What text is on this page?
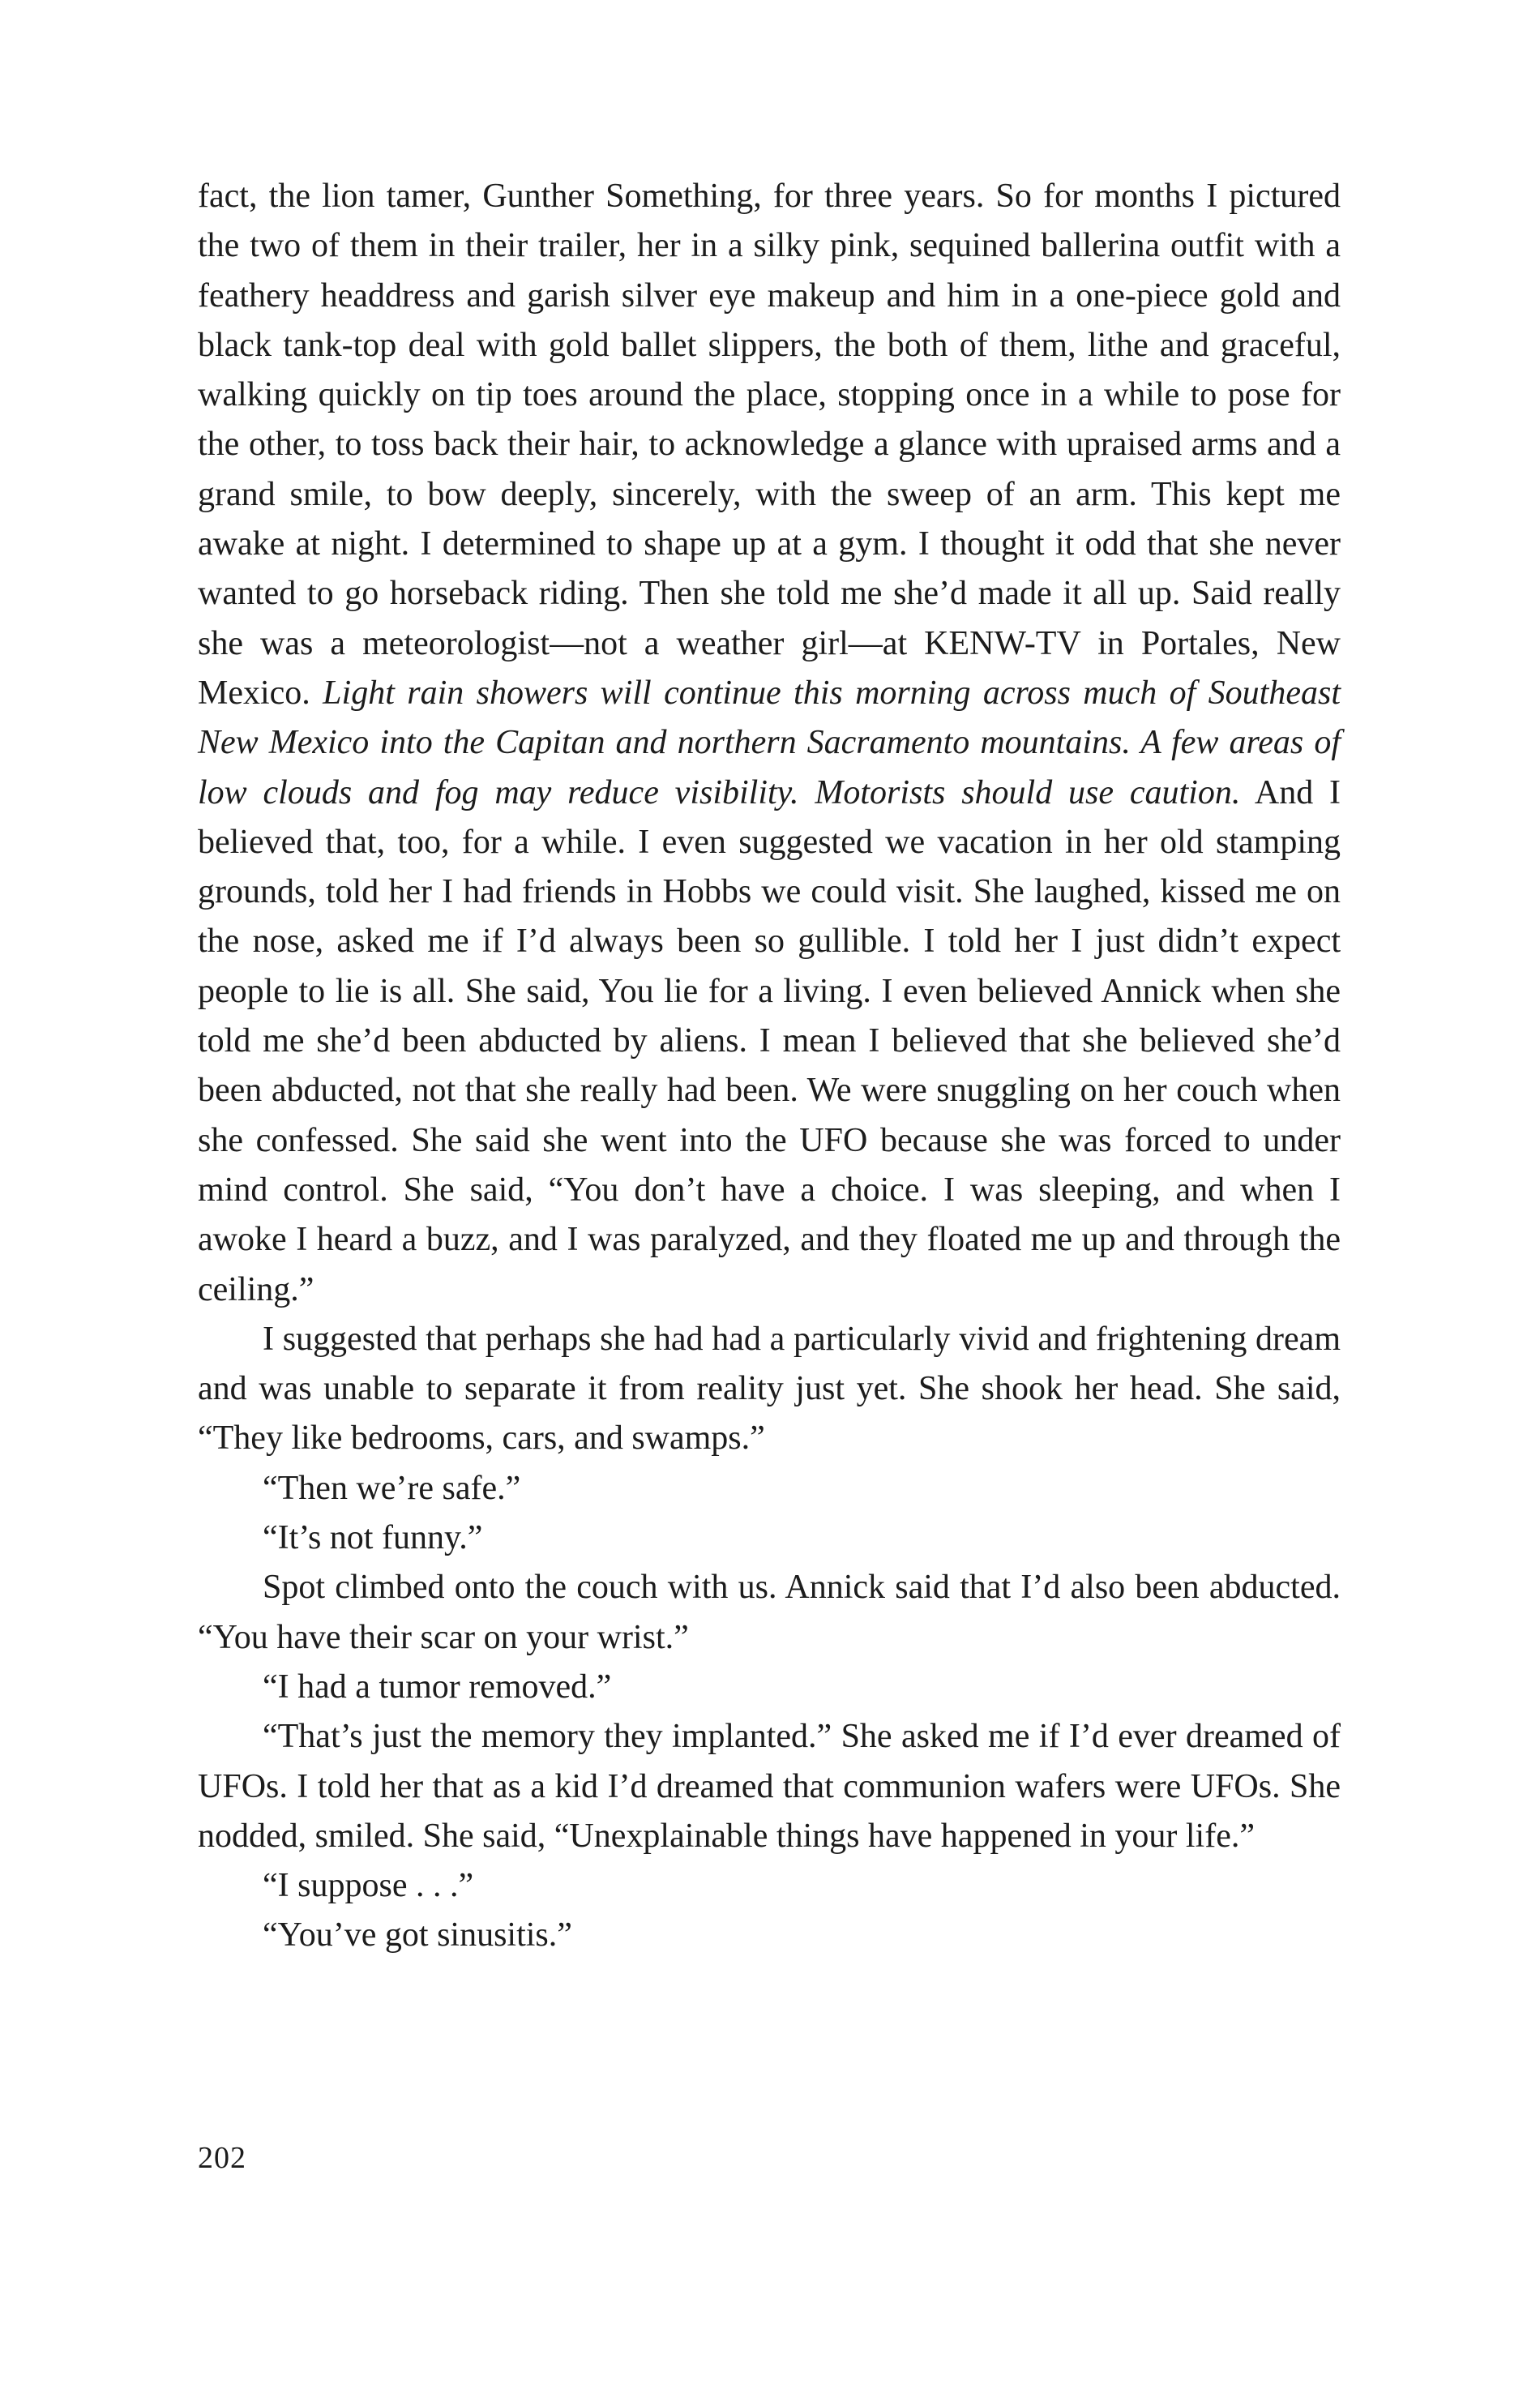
fact, the lion tamer, Gunther Something, for three years. So for months I pictured the two of them in their trailer, her in a silky pink, sequined ballerina outfit with a feathery headdress and garish silver eye makeup and him in a one-piece gold and black tank-top deal with gold ballet slippers, the both of them, lithe and graceful, walking quickly on tip toes around the place, stopping once in a while to pose for the other, to toss back their hair, to acknowledge a glance with upraised arms and a grand smile, to bow deeply, sincerely, with the sweep of an arm. This kept me awake at night. I determined to shape up at a gym. I thought it odd that she never wanted to go horseback riding. Then she told me she’d made it all up. Said really she was a meteorologist—not a weather girl—at KENW-TV in Portales, New Mexico. Light rain showers will continue this morning across much of Southeast New Mexico into the Capitan and northern Sacramento mountains. A few areas of low clouds and fog may reduce visibility. Motorists should use caution. And I believed that, too, for a while. I even suggested we vacation in her old stamping grounds, told her I had friends in Hobbs we could visit. She laughed, kissed me on the nose, asked me if I’d always been so gullible. I told her I just didn’t expect people to lie is all. She said, You lie for a living. I even believed Annick when she told me she’d been abducted by aliens. I mean I believed that she believed she’d been abducted, not that she really had been. We were snuggling on her couch when she confessed. She said she went into the UFO because she was forced to under mind control. She said, “You don’t have a choice. I was sleeping, and when I awoke I heard a buzz, and I was paralyzed, and they floated me up and through the ceiling.”

I suggested that perhaps she had had a particularly vivid and frightening dream and was unable to separate it from reality just yet. She shook her head. She said, “They like bedrooms, cars, and swamps.”

“Then we’re safe.”

“It’s not funny.”

Spot climbed onto the couch with us. Annick said that I’d also been abducted. “You have their scar on your wrist.”

“I had a tumor removed.”

“That’s just the memory they implanted.” She asked me if I’d ever dreamed of UFOs. I told her that as a kid I’d dreamed that communion wafers were UFOs. She nodded, smiled. She said, “Unexplainable things have happened in your life.”

“I suppose . . .”

“You’ve got sinusitis.”

202
